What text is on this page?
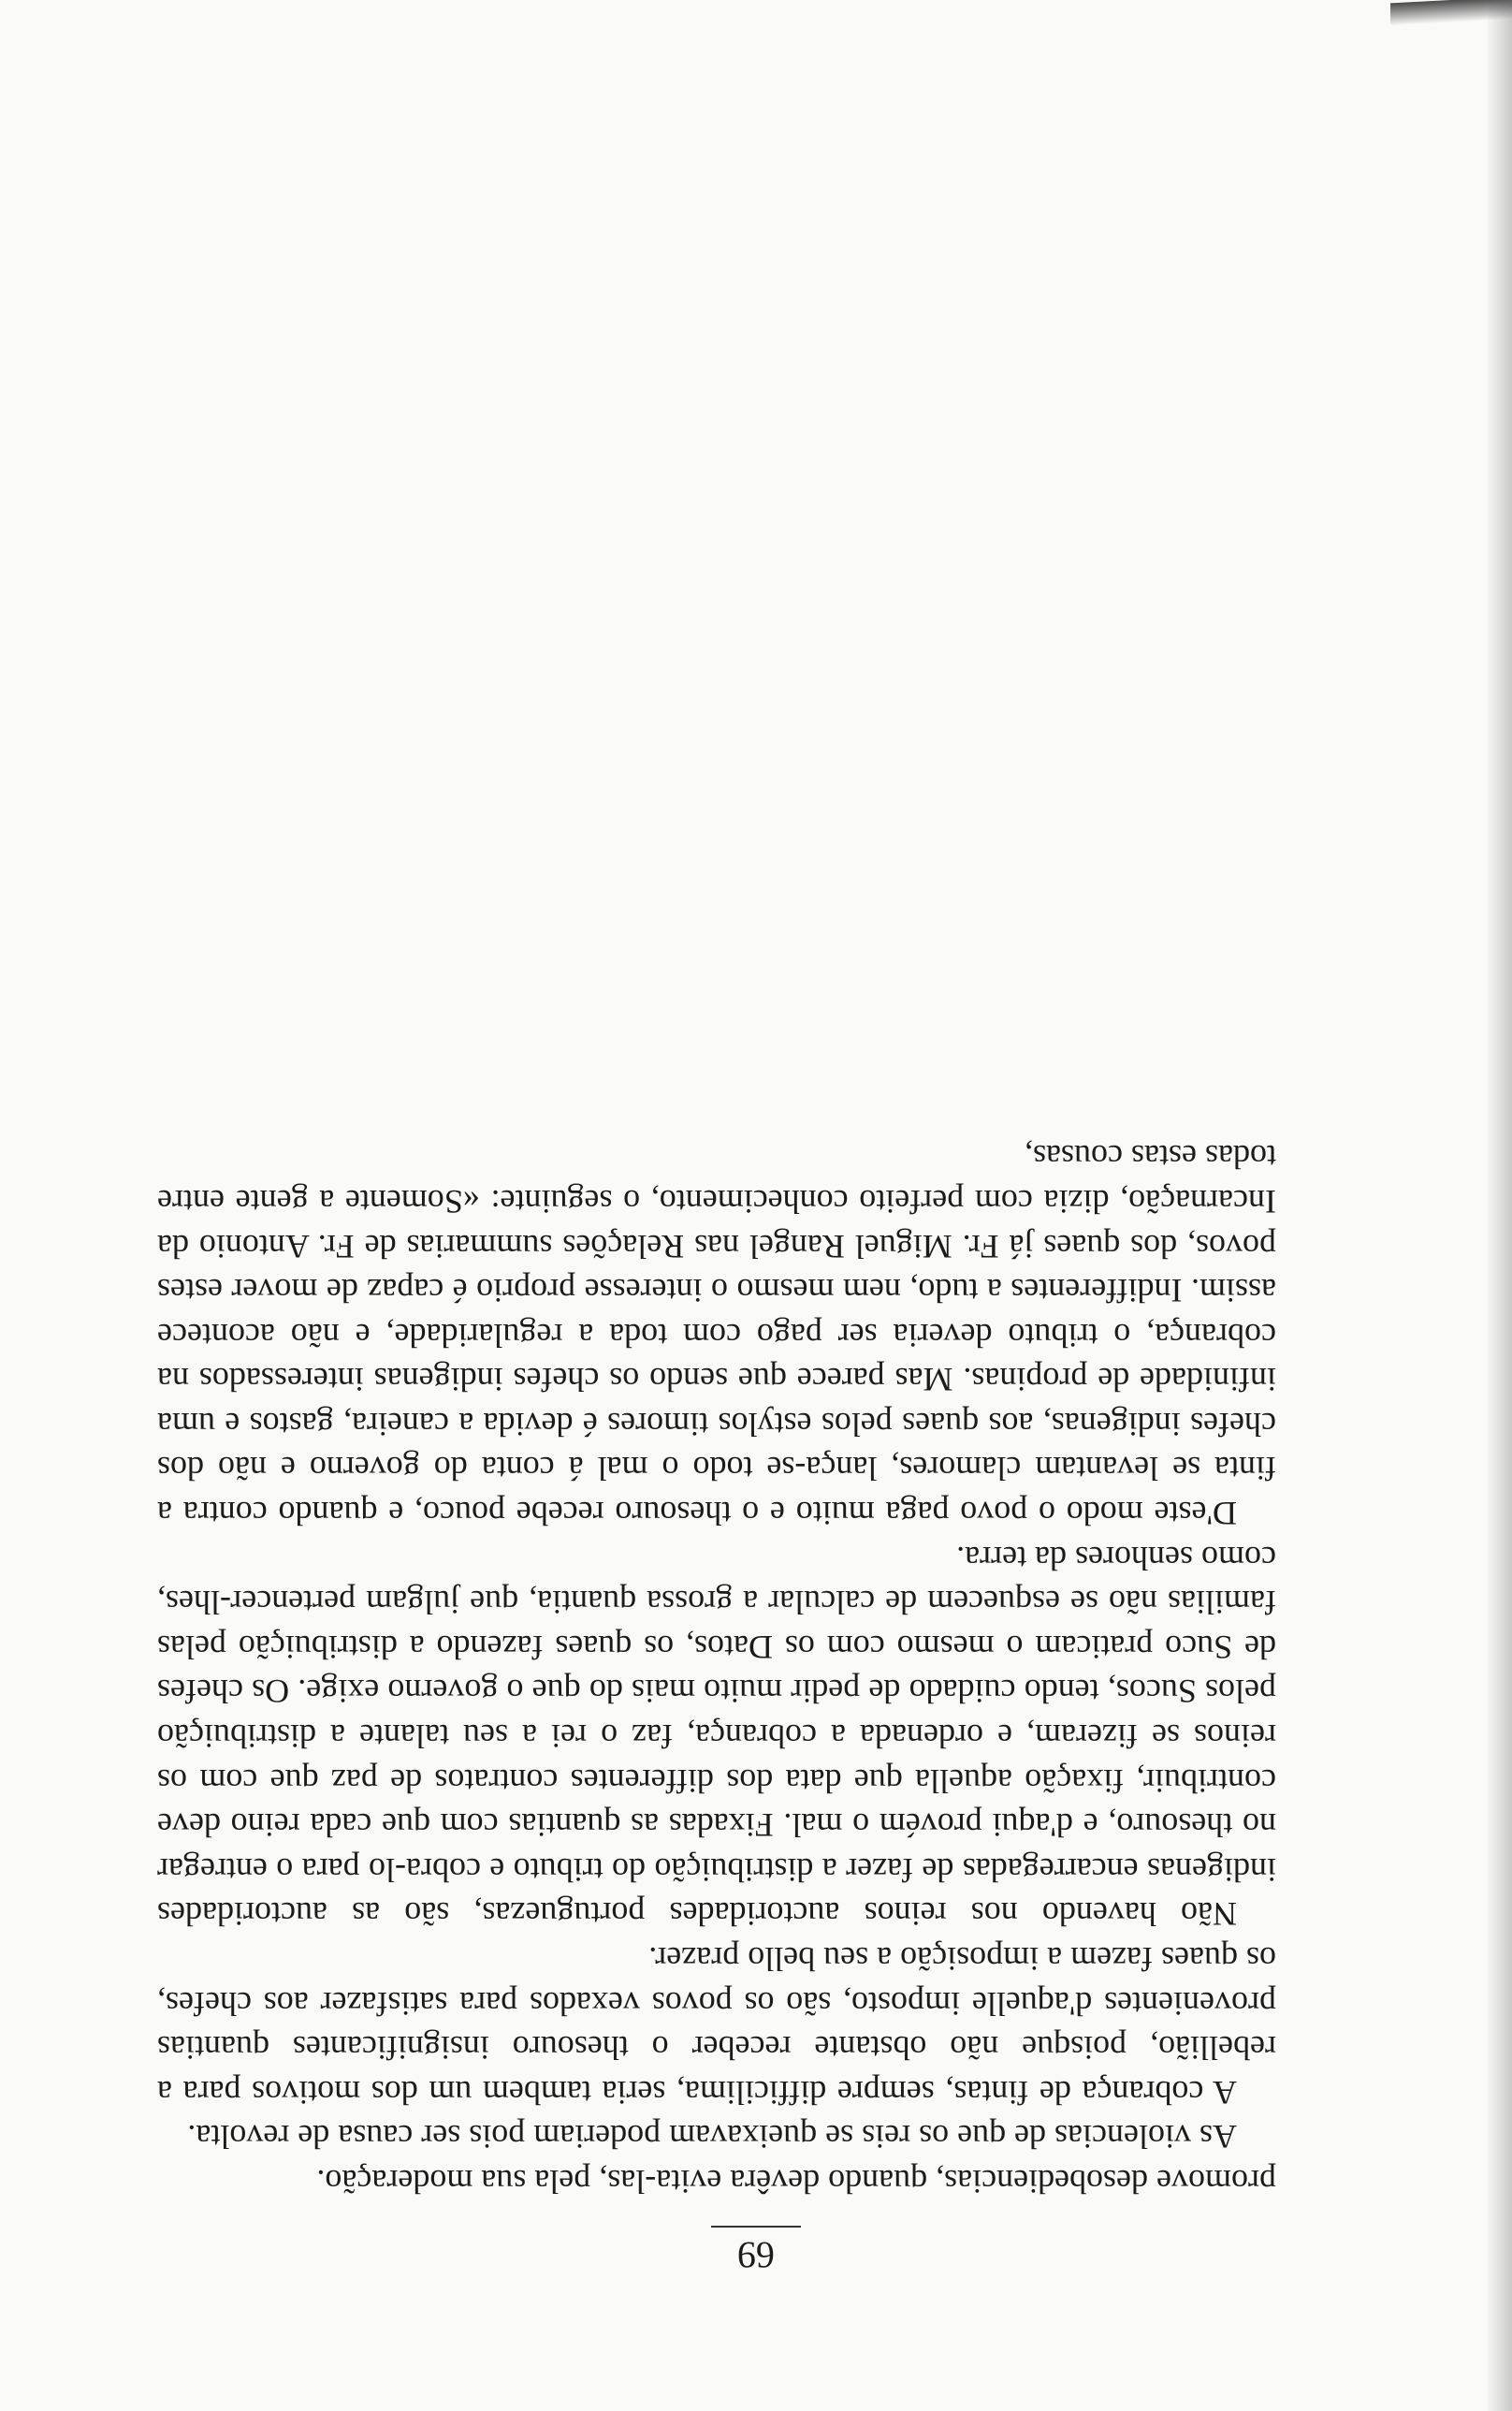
69

promove desobediencias, quando devêra evita-las, pela sua moderação.

As violencias de que os reis se queixavam poderiam pois ser causa de revolta.

A cobrança de fintas, sempre difficilima, seria tambem um dos motivos para a rebellião, poisque não obstante receber o thesouro insignificantes quantias provenientes d'aquelle imposto, são os povos vexados para satisfazer aos chefes, os quaes fazem a imposição a seu bello prazer.

Não havendo nos reinos auctoridades portuguezas, são as auctoridades indigenas encarregadas de fazer a distribuição do tributo e cobra-lo para o entregar no thesouro, e d'aqui provém o mal. Fixadas as quantias com que cada reino deve contribuir, fixação aquella que data dos differentes contratos de paz que com os reinos se fizeram, e ordenada a cobrança, faz o rei a seu talante a distribuição pelos Sucos, tendo cuidado de pedir muito mais do que o governo exige. Os chefes de Suco praticam o mesmo com os Datos, os quaes fazendo a distribuição pelas familias não se esquecem de calcular a grossa quantia, que julgam pertencer-lhes, como senhores da terra.

D'este modo o povo paga muito e o thesouro recebe pouco, e quando contra a finta se levantam clamores, lança-se todo o mal á conta do governo e não dos chefes indigenas, aos quaes pelos estylos timores é devida a caneira, gastos e uma infinidade de propinas. Mas parece que sendo os chefes indigenas interessados na cobrança, o tributo deveria ser pago com toda a regularidade, e não acontece assim. Indifferentes a tudo, nem mesmo o interesse proprio é capaz de mover estes povos, dos quaes já Fr. Miguel Rangel nas Relações summarias de Fr. Antonio da Incarnação, dizia com perfeito conhecimento, o seguinte: «Somente a gente entre todas estas cousas,
